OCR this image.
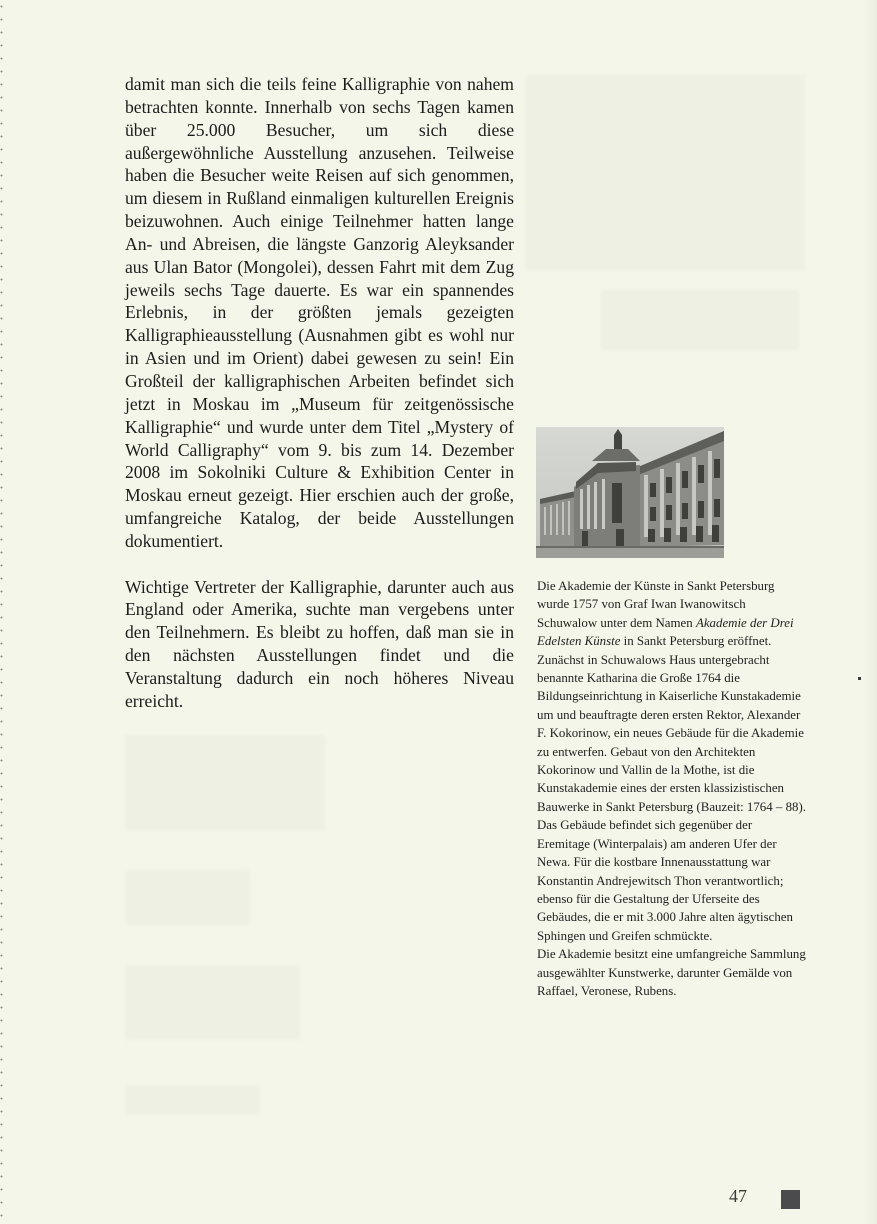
damit man sich die teils feine Kalligraphie von nahem betrachten konnte. Innerhalb von sechs Tagen kamen über 25.000 Besucher, um sich diese außergewöhnliche Ausstellung anzusehen. Teilweise haben die Besucher weite Reisen auf sich genommen, um diesem in Rußland einmaligen kulturellen Ereignis beizuwohnen. Auch einige Teilnehmer hatten lange An- und Abreisen, die längste Ganzorig Aleyksander aus Ulan Bator (Mongolei), dessen Fahrt mit dem Zug jeweils sechs Tage dauerte. Es war ein spannendes Erlebnis, in der größten jemals gezeigten Kalligraphieausstellung (Ausnahmen gibt es wohl nur in Asien und im Orient) dabei gewesen zu sein! Ein Großteil der kalligraphischen Arbeiten befindet sich jetzt in Moskau im „Museum für zeitgenössische Kalligraphie“ und wurde unter dem Titel „Mystery of World Calligraphy“ vom 9. bis zum 14. Dezember 2008 im Sokolniki Culture & Exhibition Center in Moskau erneut gezeigt. Hier erschien auch der große, umfangreiche Katalog, der beide Ausstellungen dokumentiert.

Wichtige Vertreter der Kalligraphie, darunter auch aus England oder Amerika, suchte man vergebens unter den Teilnehmern. Es bleibt zu hoffen, daß man sie in den nächsten Ausstellungen findet und die Veranstaltung dadurch ein noch höheres Niveau erreicht.

Die Akademie der Künste in Sankt Petersburg wurde 1757 von Graf Iwan Iwanowitsch Schuwalow unter dem Namen Akademie der Drei Edelsten Künste in Sankt Petersburg eröffnet. Zunächst in Schuwalows Haus untergebracht benannte Katharina die Große 1764 die Bildungseinrichtung in Kaiserliche Kunstakademie um und beauftragte deren ersten Rektor, Alexander F. Kokorinow, ein neues Gebäude für die Akademie zu entwerfen. Gebaut von den Architekten Kokorinow und Vallin de la Mothe, ist die Kunstakademie eines der ersten klassizistischen Bauwerke in Sankt Petersburg (Bauzeit: 1764 – 88). Das Gebäude befindet sich gegenüber der Eremitage (Winterpalais) am anderen Ufer der Newa. Für die kostbare Innenausstattung war Konstantin Andrejewitsch Thon verantwortlich; ebenso für die Gestaltung der Uferseite des Gebäudes, die er mit 3.000 Jahre alten ägytischen Sphingen und Greifen schmückte.
Die Akademie besitzt eine umfangreiche Sammlung ausgewählter Kunstwerke, darunter Gemälde von Raffael, Veronese, Rubens.
47
